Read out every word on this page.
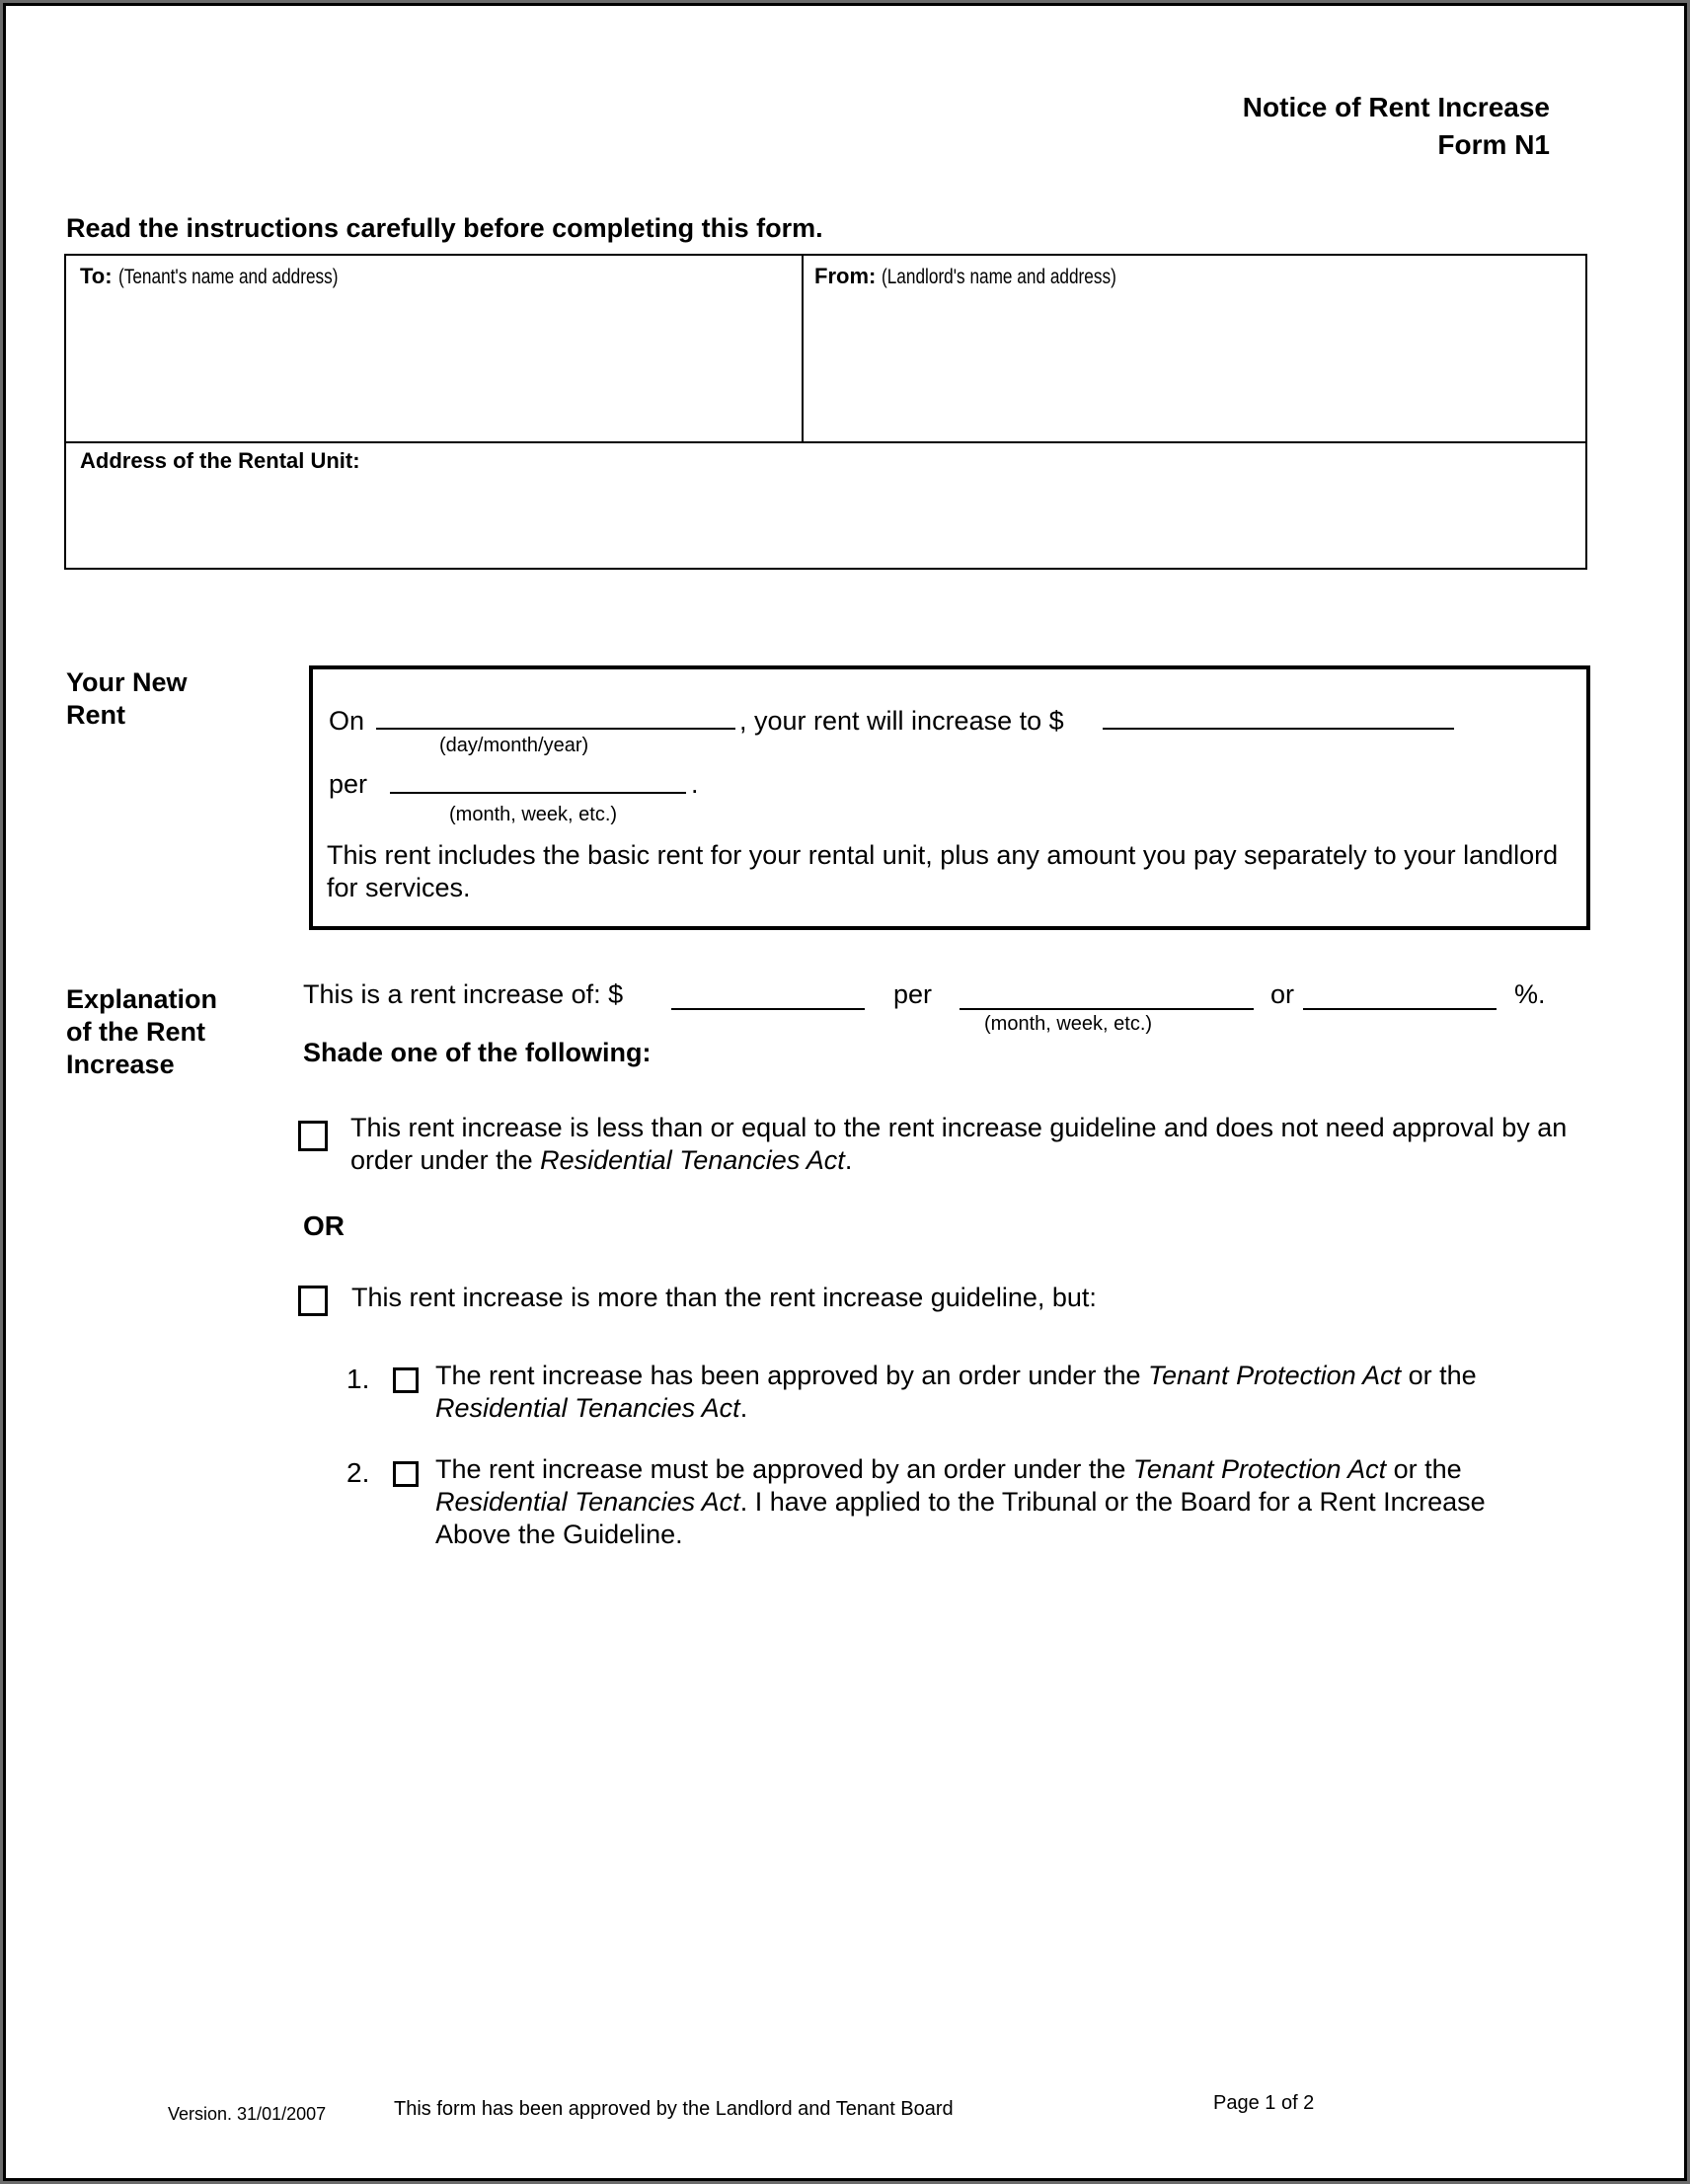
Notice of Rent Increase
Form N1
Read the instructions carefully before completing this form.
To: (Tenant's name and address)	From: (Landlord's name and address)
Address of the Rental Unit:
Your New
Rent	On
(day/month/year)
, your rent will increase to $
per	.
(month, week, etc.)
This rent includes the basic rent for your rental unit, plus any amount you pay separately to your landlord for services.
Explanation
of the Rent
Increase
This is a rent increase of: $	per
(month, week, etc.)
or	%.
Shade one of the following:
This rent increase is less than or equal to the rent increase guideline and does not need approval by an order under the Residential Tenancies Act.
OR
This rent increase is more than the rent increase guideline, but:
1. The rent increase has been approved by an order under the Tenant Protection Act or the Residential Tenancies Act.
2. The rent increase must be approved by an order under the Tenant Protection Act or the Residential Tenancies Act. I have applied to the Tribunal or the Board for a Rent Increase Above the Guideline.
Version. 31/01/2007	This form has been approved by the Landlord and Tenant Board	Page 1 of 2
